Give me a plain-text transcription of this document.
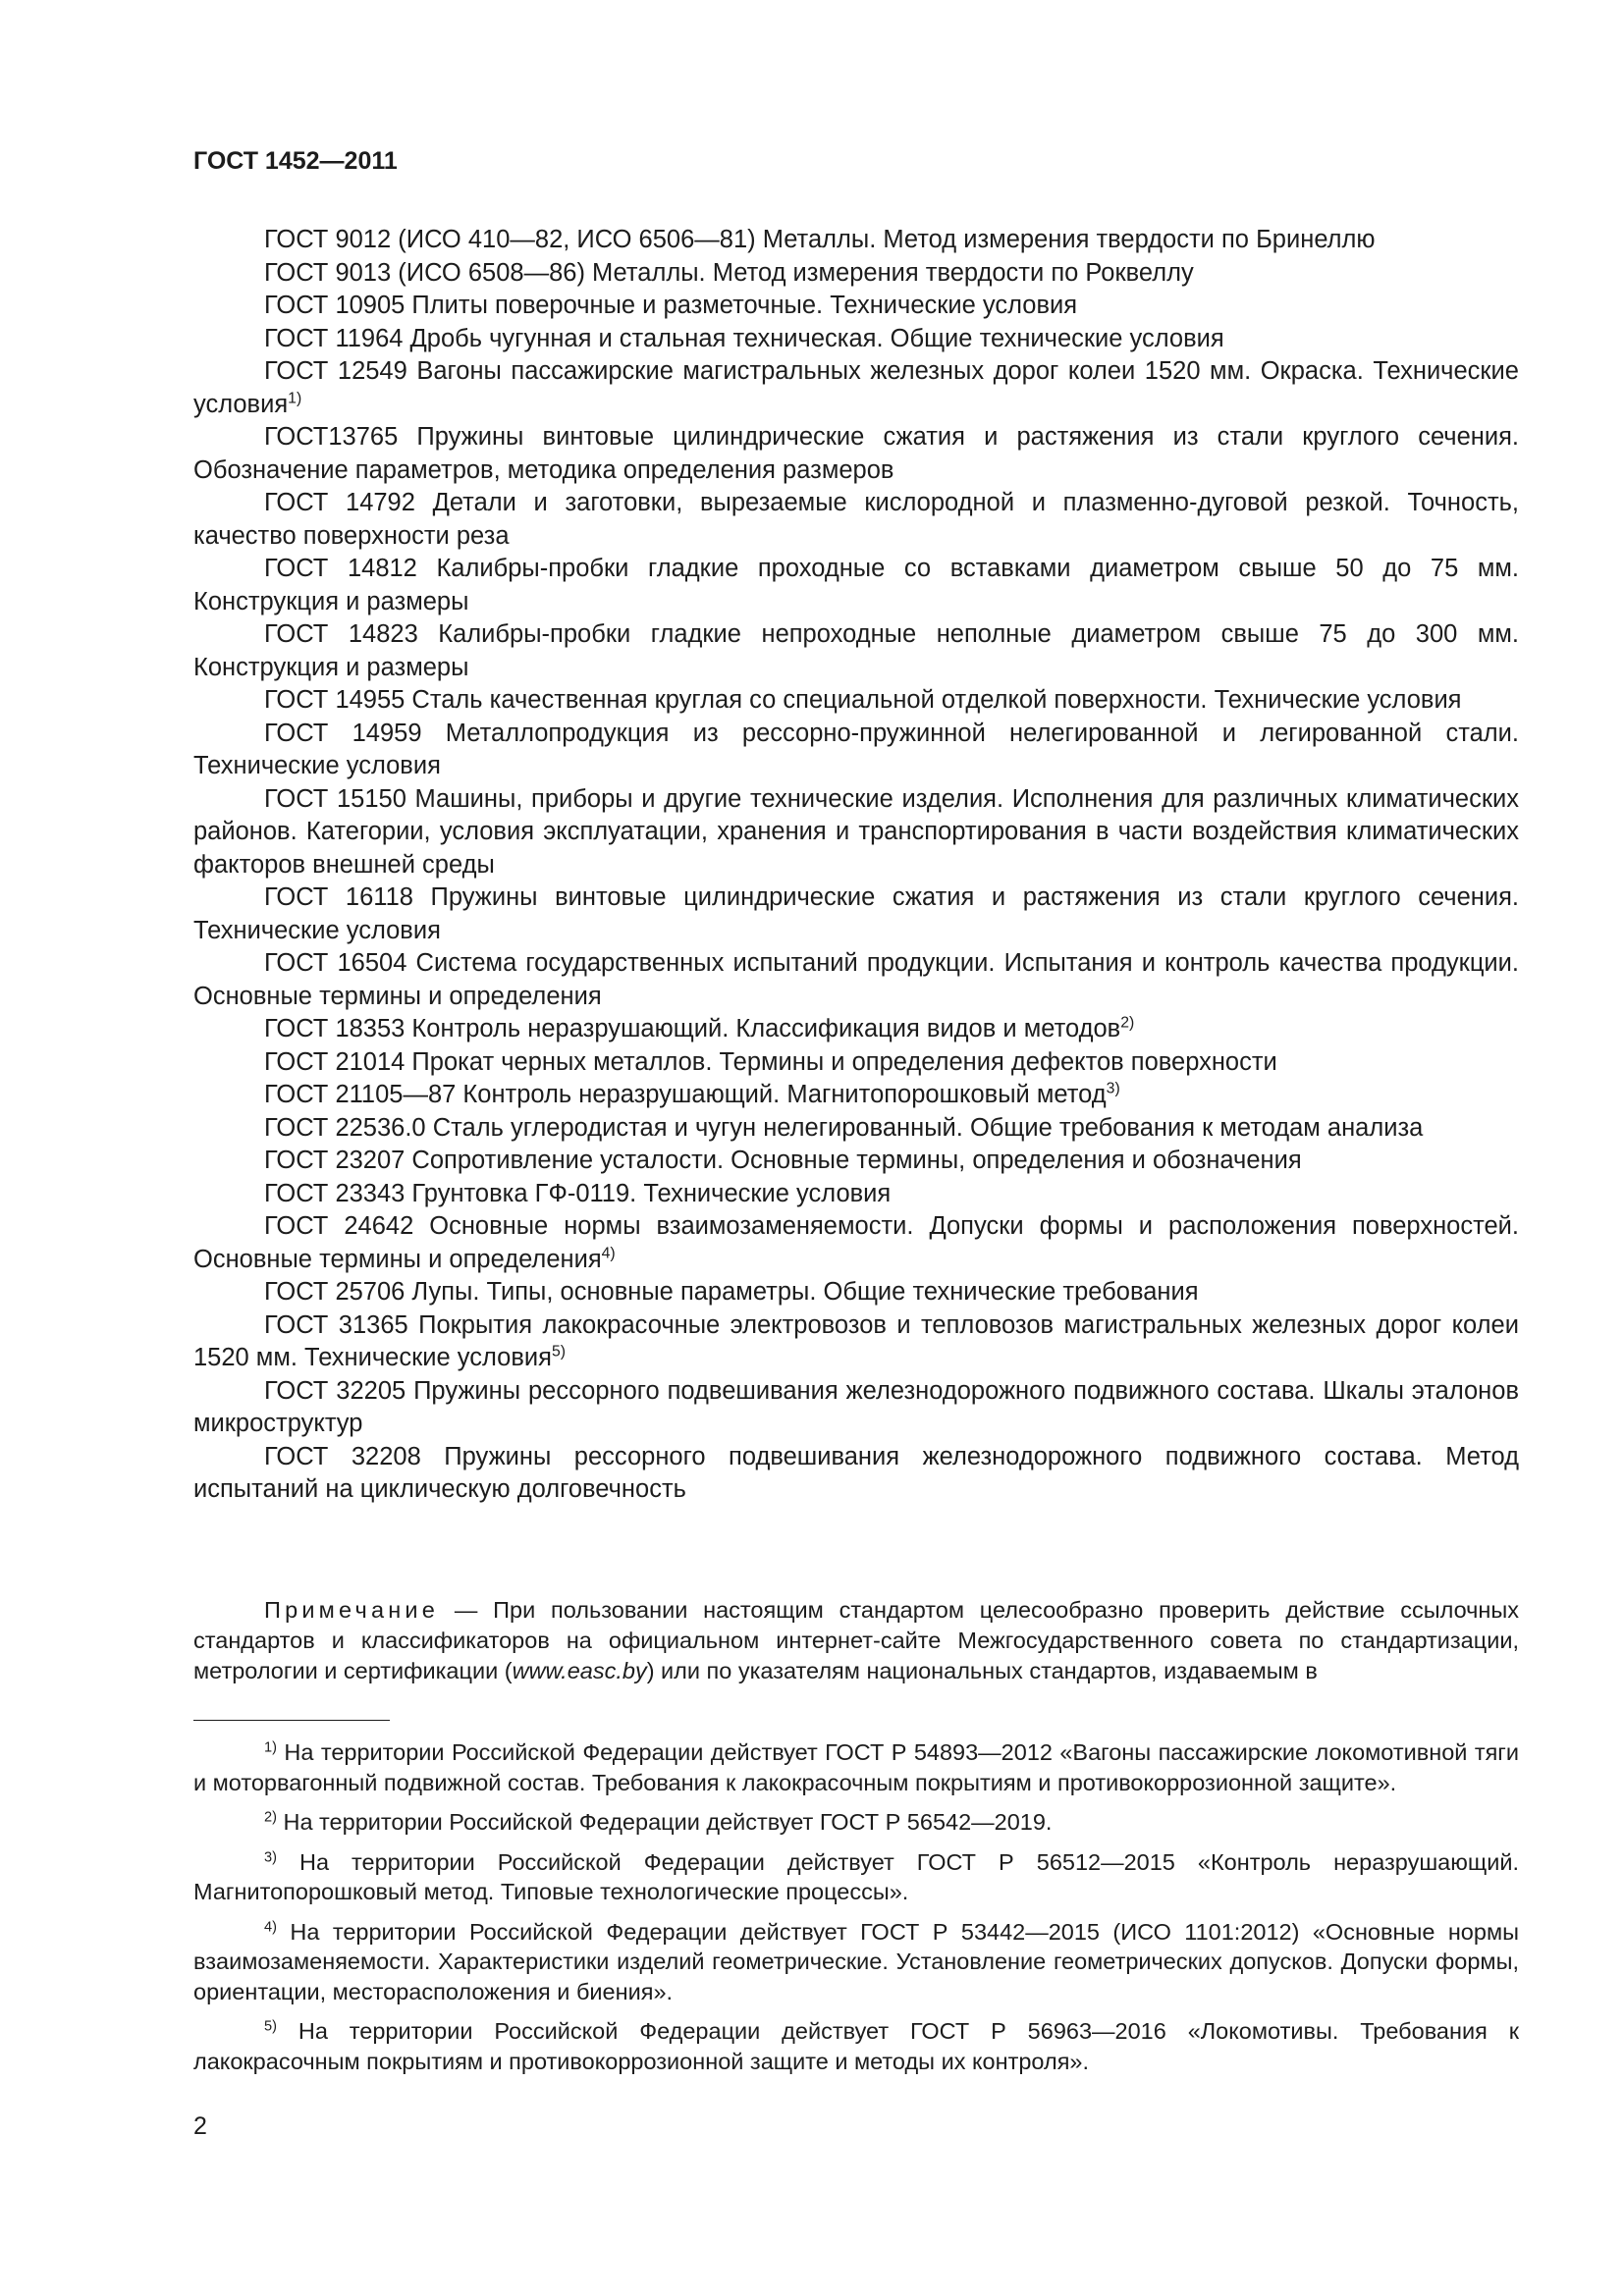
ГОСТ 1452—2011

ГОСТ 9012 (ИСО 410—82, ИСО 6506—81) Металлы. Метод измерения твердости по Бринеллю

ГОСТ 9013 (ИСО 6508—86) Металлы. Метод измерения твердости по Роквеллу

ГОСТ 10905 Плиты поверочные и разметочные. Технические условия

ГОСТ 11964 Дробь чугунная и стальная техническая. Общие технические условия

ГОСТ 12549 Вагоны пассажирские магистральных железных дорог колеи 1520 мм. Окраска. Технические условия$^{1)}$

ГОСТ13765 Пружины винтовые цилиндрические сжатия и растяжения из стали круглого сечения. Обозначение параметров, методика определения размеров

ГОСТ 14792 Детали и заготовки, вырезаемые кислородной и плазменно-дуговой резкой. Точность, качество поверхности реза

ГОСТ 14812 Калибры-пробки гладкие проходные со вставками диаметром свыше 50 до 75 мм. Конструкция и размеры

ГОСТ 14823 Калибры-пробки гладкие непроходные неполные диаметром свыше 75 до 300 мм. Конструкция и размеры

ГОСТ 14955 Сталь качественная круглая со специальной отделкой поверхности. Технические условия

ГОСТ 14959 Металлопродукция из рессорно-пружинной нелегированной и легированной стали. Технические условия

ГОСТ 15150 Машины, приборы и другие технические изделия. Исполнения для различных климатических районов. Категории, условия эксплуатации, хранения и транспортирования в части воздействия климатических факторов внешней среды

ГОСТ 16118 Пружины винтовые цилиндрические сжатия и растяжения из стали круглого сечения. Технические условия

ГОСТ 16504 Система государственных испытаний продукции. Испытания и контроль качества продукции. Основные термины и определения

ГОСТ 18353 Контроль неразрушающий. Классификация видов и методов$^{2)}$

ГОСТ 21014 Прокат черных металлов. Термины и определения дефектов поверхности

ГОСТ 21105—87 Контроль неразрушающий. Магнитопорошковый метод$^{3)}$

ГОСТ 22536.0 Сталь углеродистая и чугун нелегированный. Общие требования к методам анализа

ГОСТ 23207 Сопротивление усталости. Основные термины, определения и обозначения

ГОСТ 23343 Грунтовка ГФ-0119. Технические условия

ГОСТ 24642 Основные нормы взаимозаменяемости. Допуски формы и расположения поверхностей. Основные термины и определения$^{4)}$

ГОСТ 25706 Лупы. Типы, основные параметры. Общие технические требования

ГОСТ 31365 Покрытия лакокрасочные электровозов и тепловозов магистральных железных дорог колеи 1520 мм. Технические условия$^{5)}$

ГОСТ 32205 Пружины рессорного подвешивания железнодорожного подвижного состава. Шкалы эталонов микроструктур

ГОСТ 32208 Пружины рессорного подвешивания железнодорожного подвижного состава. Метод испытаний на циклическую долговечность

Примечание — При пользовании настоящим стандартом целесообразно проверить действие ссылочных стандартов и классификаторов на официальном интернет-сайте Межгосударственного совета по стандартизации, метрологии и сертификации (www.easc.by) или по указателям национальных стандартов, издаваемым в

$^{1)}$ На территории Российской Федерации действует ГОСТ Р 54893—2012 «Вагоны пассажирские локомотивной тяги и моторвагонный подвижной состав. Требования к лакокрасочным покрытиям и противокоррозионной защите».

$^{2)}$ На территории Российской Федерации действует ГОСТ Р 56542—2019.

$^{3)}$ На территории Российской Федерации действует ГОСТ Р 56512—2015 «Контроль неразрушающий. Магнитопорошковый метод. Типовые технологические процессы».

$^{4)}$ На территории Российской Федерации действует ГОСТ Р 53442—2015 (ИСО 1101:2012) «Основные нормы взаимозаменяемости. Характеристики изделий геометрические. Установление геометрических допусков. Допуски формы, ориентации, месторасположения и биения».

$^{5)}$ На территории Российской Федерации действует ГОСТ Р 56963—2016 «Локомотивы. Требования к лакокрасочным покрытиям и противокоррозионной защите и методы их контроля».

2
